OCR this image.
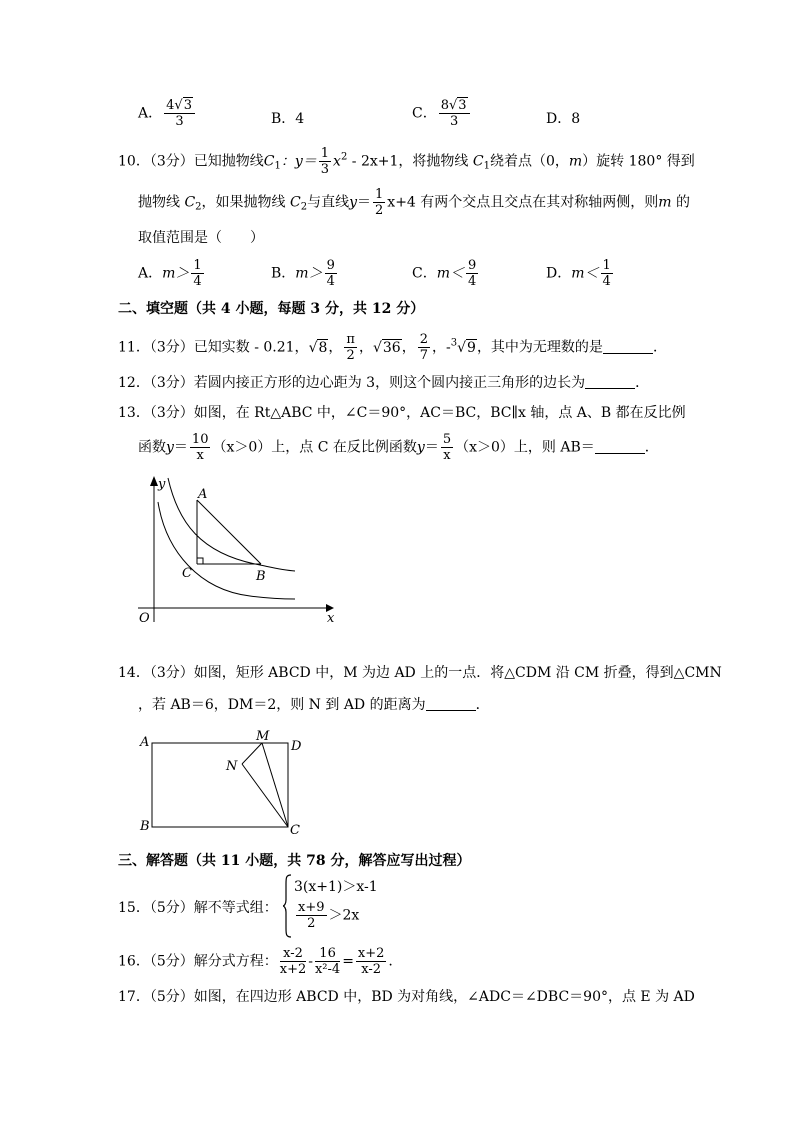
A． $\frac{4√3}{3}$	B．4	C． $\frac{8√3}{3}$	D．8
10．（3分）已知抛物线$C_1$：$y= \frac{1}{3} x^2 - 2x+1$，将抛物线 $C_1$绕着点（0，m）旋转 180° 得到
抛物线 $C_2$，如果抛物线 $C_2$与直线$y= \frac{1}{2} x+4$ 有两个交点且交点在其对称轴两侧，则m 的
取值范围是（　　）
A．$m> \frac{1}{4}$	B．$m> \frac{9}{4}$	C．$m< \frac{9}{4}$	D．$m< \frac{1}{4}$
二、填空题（共 4 小题，每题 3 分，共 12 分）
11．（3分）已知实数 - 0.21，√8， $\frac{\pi}{2}$ ，√36， $\frac{2}{7}$ ，-$^3$√9，其中为无理数的是	．
12．（3分）若圆内接正方形的边心距为 3，则这个圆内接正三角形的边长为	．
13．（3分）如图，在 Rt△ABC 中，∠C＝90°，AC＝BC，BC∥x 轴，点 A、B 都在反比例
函数$y= \frac{10}{x} (x>0)$上，点 C 在反比例函数$y= \frac{5}{x} (x>0)$上，则 AB＝	．
A
C	B
O	x
y
14．（3分）如图，矩形 ABCD 中，M 为边 AD 上的一点．将△CDM 沿 CM 折叠，得到△CMN
，若 AB＝6，DM＝2，则 N 到 AD 的距离为	．
A	D
M
N
B	C
三、解答题（共 11 小题，共 78 分，解答应写出过程）
15．（5分）解不等式组：
3(x+1)＞x-1
$\frac{x+9}{2} >2x$
16．（5分）解分式方程： $\frac{x-2}{x+2} - \frac{16}{\text{x²-4}} = \frac{x+2}{x-2}$ .
17．（5分）如图，在四边形 ABCD 中，BD 为对角线，∠ADC＝∠DBC＝90°，点 E 为 AD
